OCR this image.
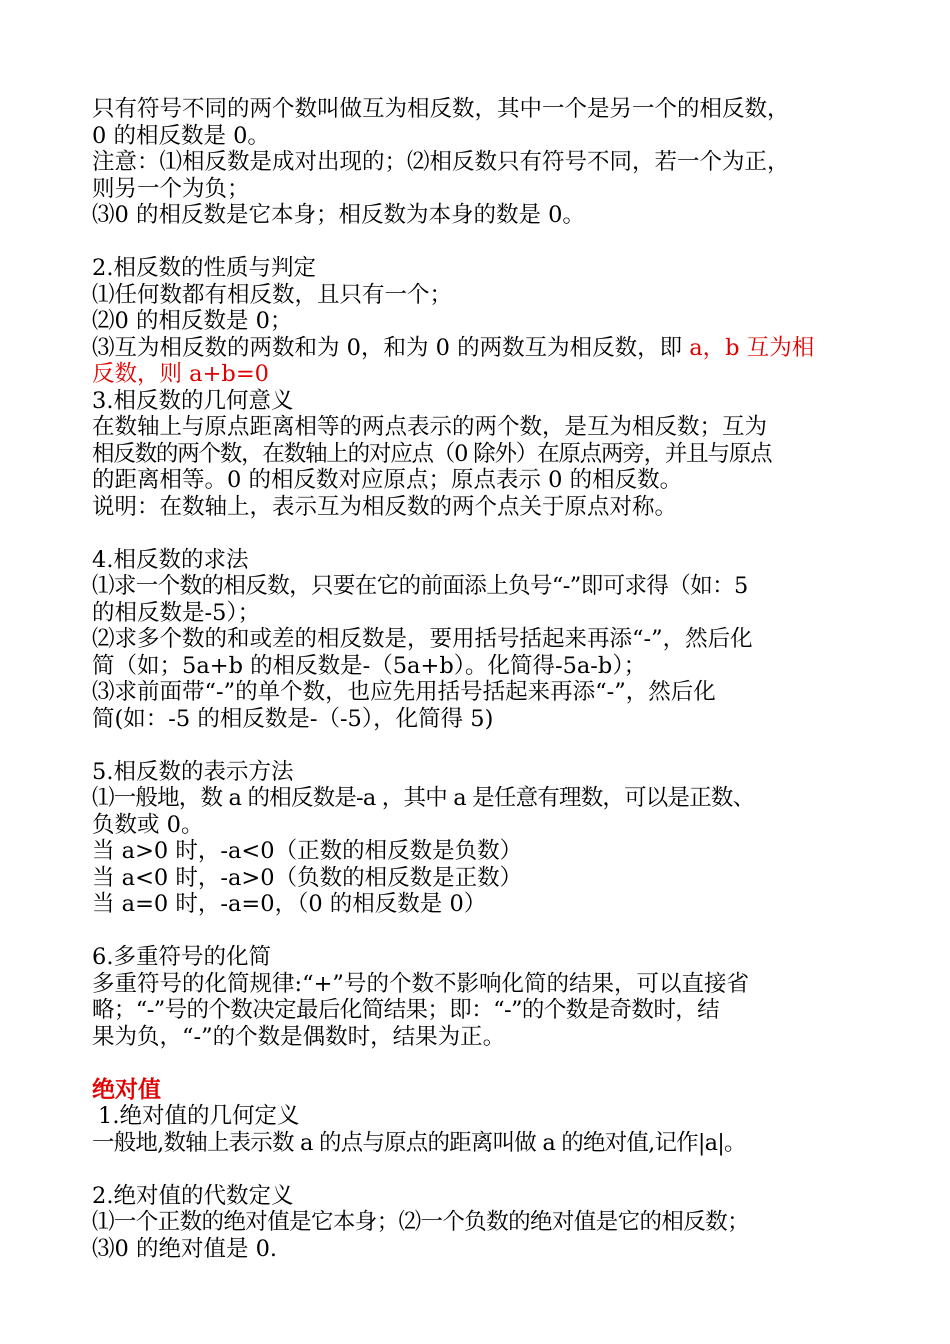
只有符号不同的两个数叫做互为相反数，其中一个是另一个的相反数，
0 的相反数是 0。
注意：⑴相反数是成对出现的；⑵相反数只有符号不同，若一个为正，
则另一个为负；
⑶0 的相反数是它本身；相反数为本身的数是 0。
2.相反数的性质与判定
⑴任何数都有相反数，且只有一个；
⑵0 的相反数是 0；
⑶互为相反数的两数和为 0，和为 0 的两数互为相反数，即 a，b 互为相
反数，则 a+b=0
3.相反数的几何意义
在数轴上与原点距离相等的两点表示的两个数，是互为相反数；互为
相反数的两个数，在数轴上的对应点（0 除外）在原点两旁，并且与原点
的距离相等。0 的相反数对应原点；原点表示 0 的相反数。
说明：在数轴上，表示互为相反数的两个点关于原点对称。
4.相反数的求法
⑴求一个数的相反数，只要在它的前面添上负号“-”即可求得（如：5
的相反数是-5）；
⑵求多个数的和或差的相反数是，要用括号括起来再添“-”，然后化
简（如；5a+b 的相反数是-（5a+b）。化简得-5a-b）；
⑶求前面带“-”的单个数，也应先用括号括起来再添“-”，然后化
简(如：-5 的相反数是-（-5），化简得 5)
5.相反数的表示方法
⑴一般地，数 a 的相反数是-a ，其中 a 是任意有理数，可以是正数、
负数或 0。
当 a>0 时，-a<0（正数的相反数是负数）
当 a<0 时，-a>0（负数的相反数是正数）
当 a=0 时，-a=0，（0 的相反数是 0）
6.多重符号的化简
多重符号的化简规律:“+”号的个数不影响化简的结果，可以直接省
略；“-”号的个数决定最后化简结果；即：“-”的个数是奇数时，结
果为负，“-”的个数是偶数时，结果为正。
绝对值
1.绝对值的几何定义
一般地,数轴上表示数 a 的点与原点的距离叫做 a 的绝对值,记作|a|。
2.绝对值的代数定义
⑴一个正数的绝对值是它本身；⑵一个负数的绝对值是它的相反数；
⑶0 的绝对值是 0.
